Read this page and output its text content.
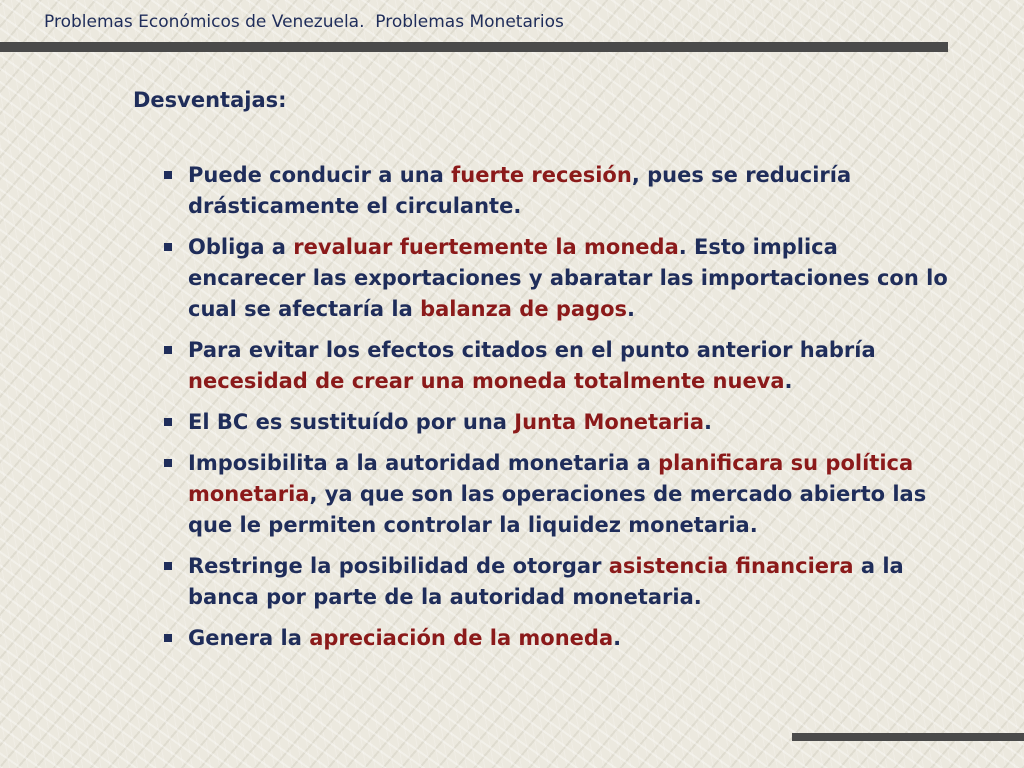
Problemas Económicos de Venezuela.  Problemas Monetarios
Desventajas:
Puede conducir a una fuerte recesión, pues se reduciría drásticamente el circulante.
Obliga a revaluar fuertemente la moneda. Esto implica encarecer las exportaciones y abaratar las importaciones con lo cual se afectaría la balanza de pagos.
Para evitar los efectos citados en el punto anterior habría necesidad de crear una moneda totalmente nueva.
El BC es sustituído por una Junta Monetaria.
Imposibilita a la autoridad monetaria a planificara su política monetaria, ya que son las operaciones de mercado abierto las que le permiten controlar la liquidez monetaria.
Restringe la posibilidad de otorgar asistencia financiera a la banca por parte de la autoridad monetaria.
Genera la apreciación de la moneda.
